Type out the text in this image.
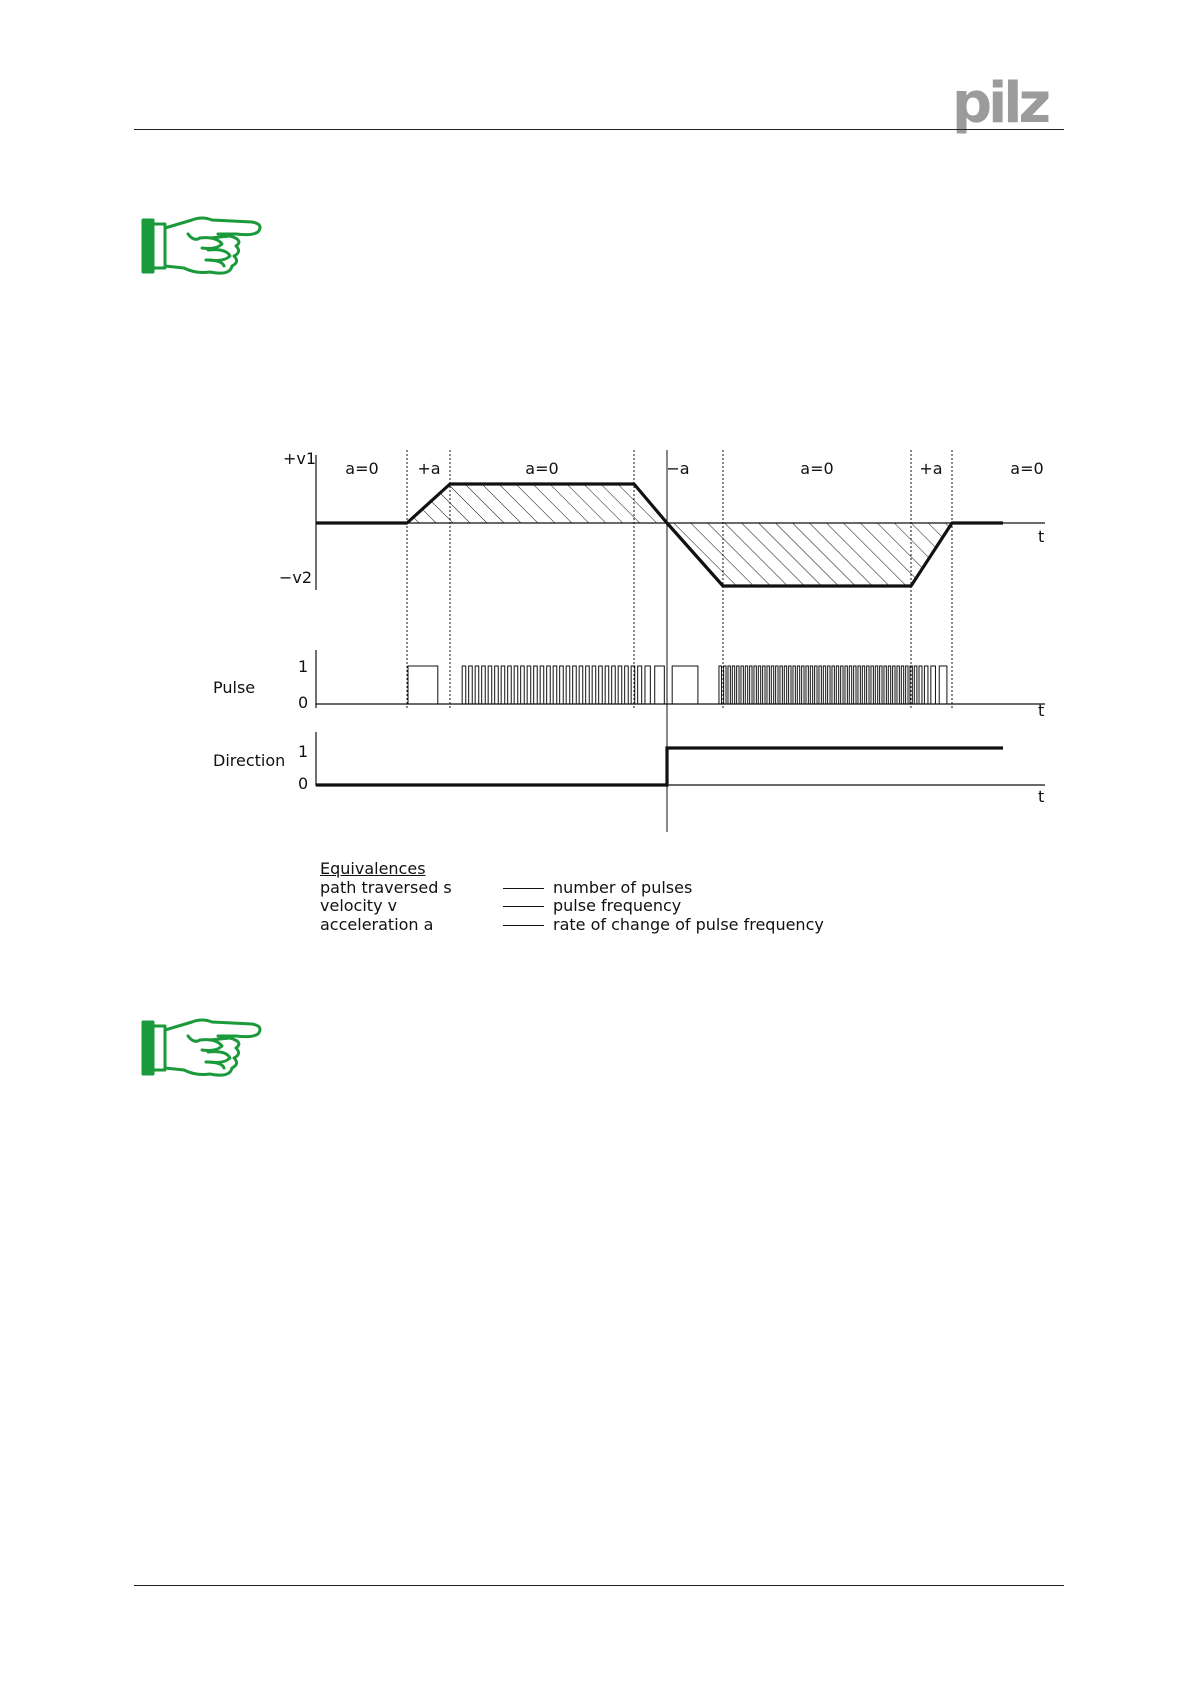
pilz
+v1
−v2
t
a=0 +a	a=0	−a	a=0	+a	a=0
Pulse
1
0	t
Direction 1
0
t
Equivalences
path traversed s	number of pulses
velocity v	pulse frequency
acceleration a	rate of change of pulse frequency
